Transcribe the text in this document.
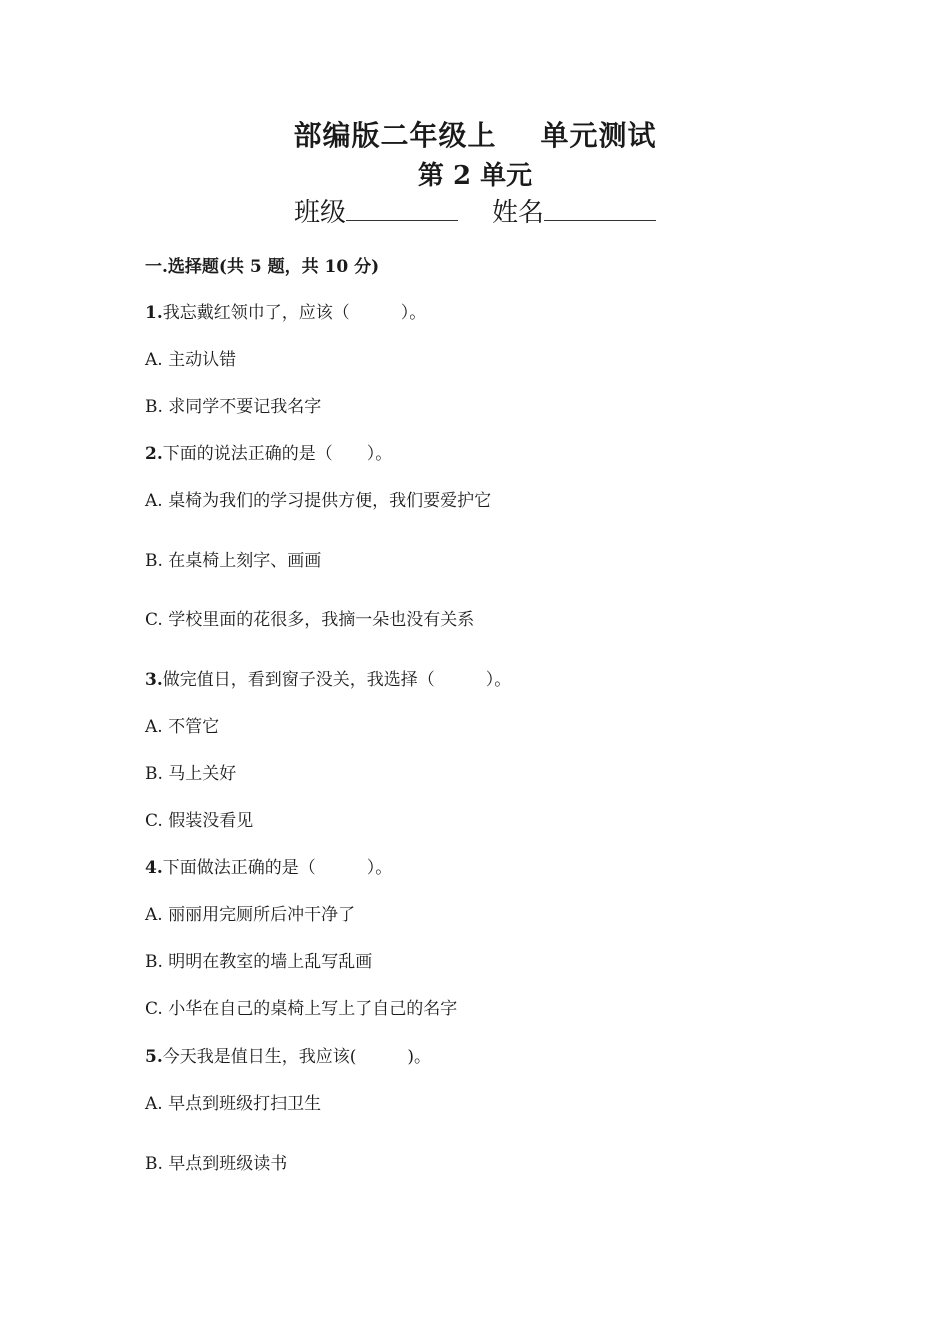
部编版二年级上 单元测试
第 2 单元
班级	姓名
一.选择题(共 5 题，共 10 分)
1.我忘戴红领巾了，应该（　　　）。
A. 主动认错
B. 求同学不要记我名字
2.下面的说法正确的是（　　）。
A. 桌椅为我们的学习提供方便，我们要爱护它
B. 在桌椅上刻字、画画
C. 学校里面的花很多，我摘一朵也没有关系
3.做完值日，看到窗子没关，我选择（　　　）。
A. 不管它
B. 马上关好
C. 假装没看见
4.下面做法正确的是（　　　）。
A. 丽丽用完厕所后冲干净了
B. 明明在教室的墙上乱写乱画
C. 小华在自己的桌椅上写上了自己的名字
5.今天我是值日生，我应该(　　　)。
A. 早点到班级打扫卫生
B. 早点到班级读书
